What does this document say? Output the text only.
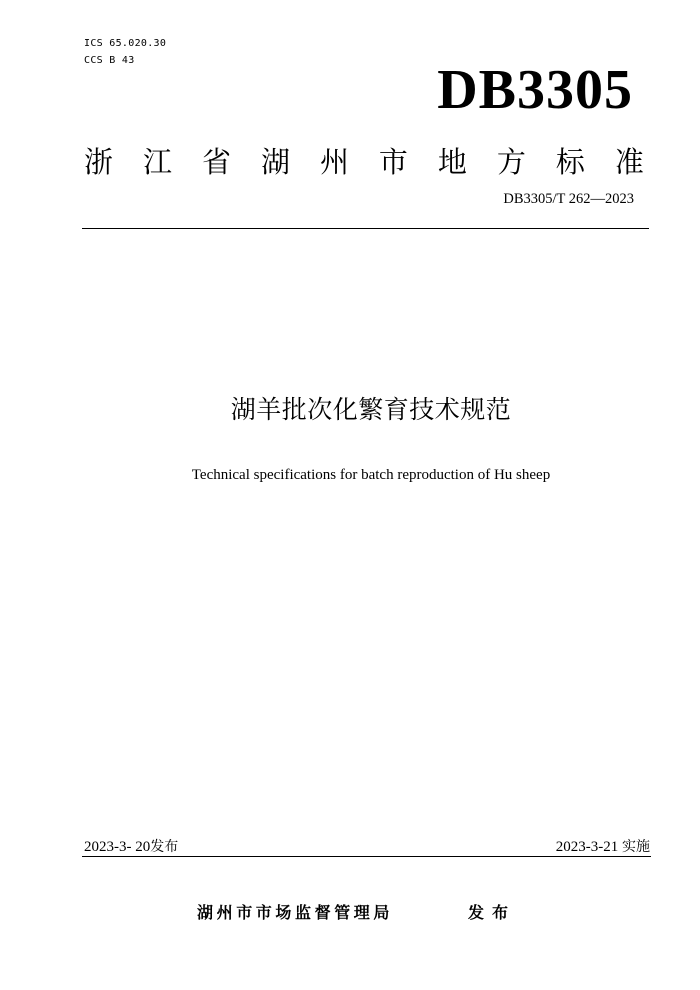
ICS 65.020.30
CCS B 43	DB3305
浙 江 省 湖 州 市 地 方 标 准
DB3305/T 262—2023
湖羊批次化繁育技术规范
Technical specifications for batch reproduction of Hu sheep
2023-3- 20发布	2023-3-21 实施
湖州市市场监督管理局	发布
